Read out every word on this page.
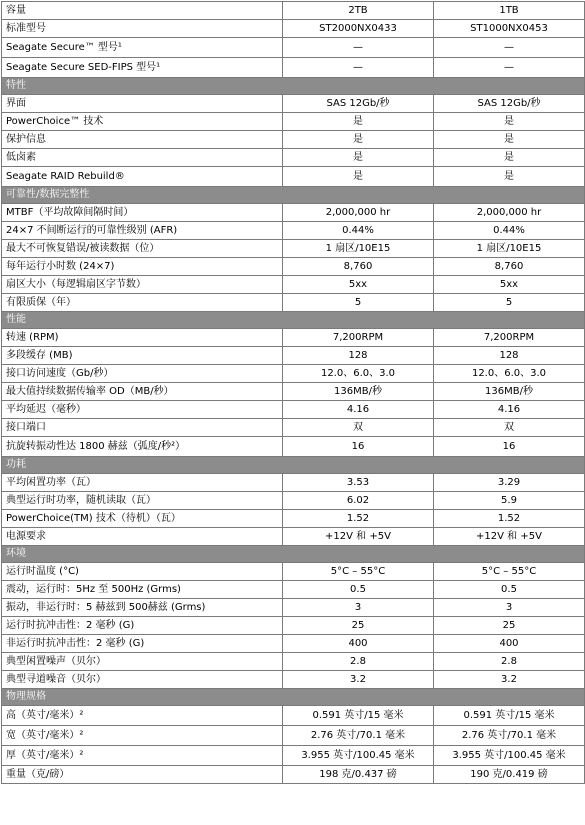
容量	2TB	1TB
标准型号	ST2000NX0433	ST1000NX0453
Seagate Secure™ 型号¹	—	—
Seagate Secure SED-FIPS 型号¹	—	—
特性		
界面	SAS 12Gb/秒	SAS 12Gb/秒
PowerChoice™ 技术	是	是
保护信息	是	是
低卤素	是	是
Seagate RAID Rebuild®	是	是
可靠性/数据完整性		
MTBF（平均故障间隔时间）	2,000,000 hr	2,000,000 hr
24×7 不间断运行的可靠性级别 (AFR)	0.44%	0.44%
最大不可恢复错误/被读数据（位）	1 扇区/10E15	1 扇区/10E15
每年运行小时数 (24×7)	8,760	8,760
扇区大小（每逻辑扇区字节数）	5xx	5xx
有限质保（年）	5	5
性能		
转速 (RPM)	7,200RPM	7,200RPM
多段缓存 (MB)	128	128
接口访问速度（Gb/秒）	12.0、6.0、3.0	12.0、6.0、3.0
最大值持续数据传输率 OD（MB/秒）	136MB/秒	136MB/秒
平均延迟（毫秒）	4.16	4.16
接口端口	双	双
抗旋转振动性达 1800 赫兹（弧度/秒²）	16	16
功耗		
平均闲置功率（瓦）	3.53	3.29
典型运行时功率，随机读取（瓦）	6.02	5.9
PowerChoice(TM) 技术（待机）（瓦）	1.52	1.52
电源要求	+12V 和 +5V	+12V 和 +5V
环境		
运行时温度 (°C)	5°C – 55°C	5°C – 55°C
震动，运行时：5Hz 至 500Hz (Grms)	0.5	0.5
振动，非运行时：5 赫兹到 500赫兹 (Grms)	3	3
运行时抗冲击性：2 毫秒 (G)	25	25
非运行时抗冲击性：2 毫秒 (G)	400	400
典型闲置噪声（贝尔）	2.8	2.8
典型寻道噪音（贝尔）	3.2	3.2
物理规格		
高（英寸/毫米）²	0.591 英寸/15 毫米	0.591 英寸/15 毫米
宽（英寸/毫米）²	2.76 英寸/70.1 毫米	2.76 英寸/70.1 毫米
厚（英寸/毫米）²	3.955 英寸/100.45 毫米	3.955 英寸/100.45 毫米
重量（克/磅）	198 克/0.437 磅	190 克/0.419 磅
